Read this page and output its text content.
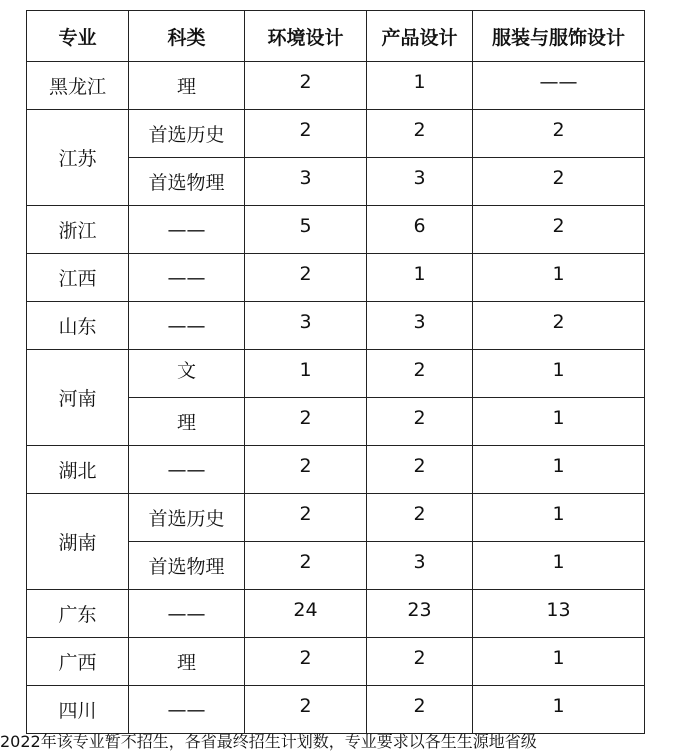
专业	科类	环境设计	产品设计	服装与服饰设计
黑龙江	理	2	1	——
江苏	首选历史	2	2	2
	首选物理	3	3	2
浙江	——	5	6	2
江西	——	2	1	1
山东	——	3	3	2
河南	文	1	2	1
	理	2	2	1
湖北	——	2	2	1
湖南	首选历史	2	2	1
	首选物理	2	3	1
广东	——	24	23	13
广西	理	2	2	1
四川	——	2	2	1
2022年该专业暂不招生，各省最终招生计划数，专业要求以各生生源地省级
